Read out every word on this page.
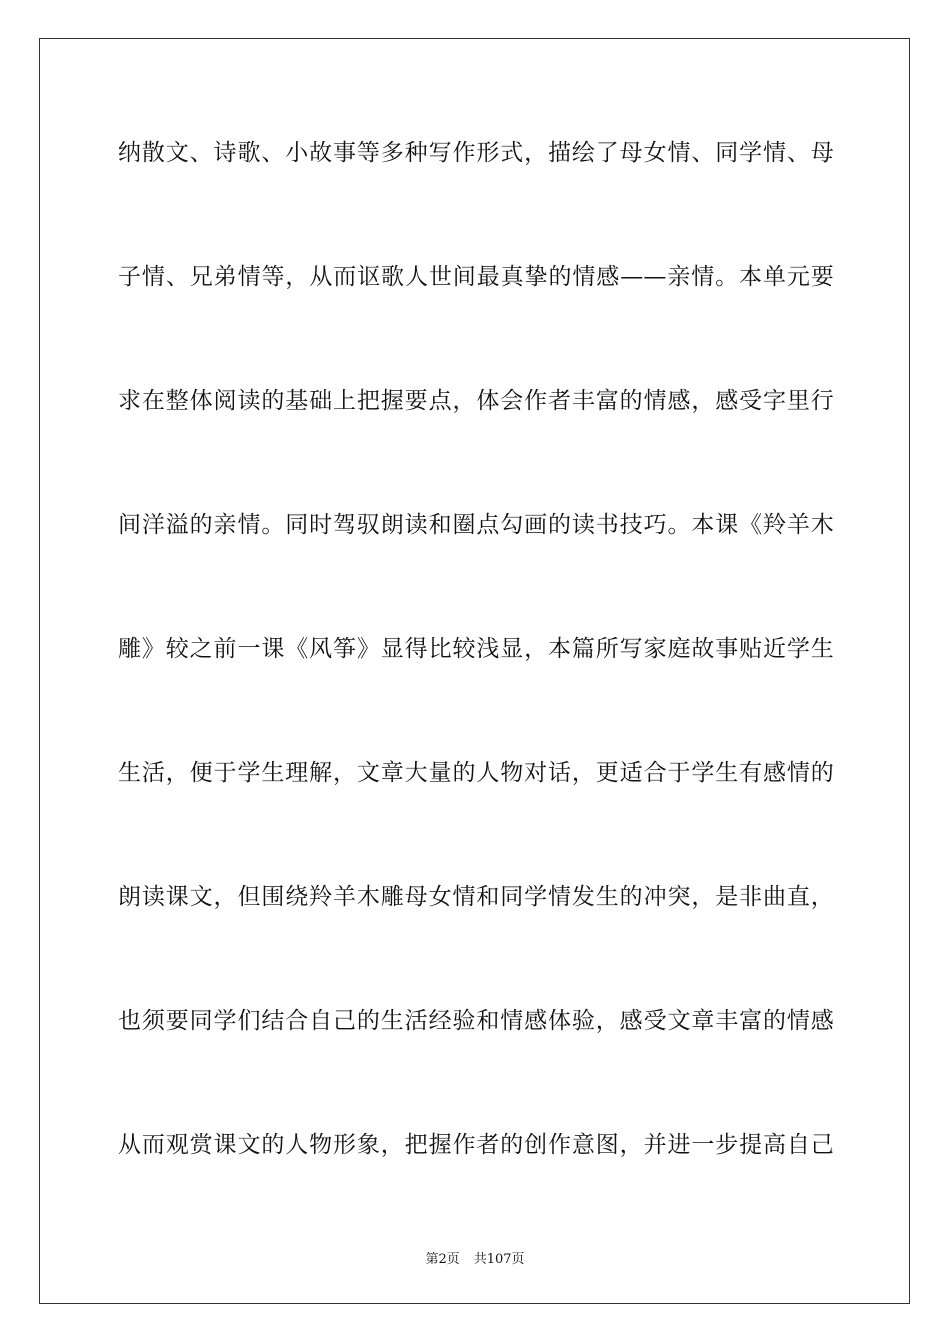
纳散文、诗歌、小故事等多种写作形式，描绘了母女情、同学情、母
子情、兄弟情等，从而讴歌人世间最真挚的情感——亲情。本单元要
求在整体阅读的基础上把握要点，体会作者丰富的情感，感受字里行
间洋溢的亲情。同时驾驭朗读和圈点勾画的读书技巧。本课《羚羊木
雕》较之前一课《风筝》显得比较浅显，本篇所写家庭故事贴近学生
生活，便于学生理解，文章大量的人物对话，更适合于学生有感情的
朗读课文，但围绕羚羊木雕母女情和同学情发生的冲突，是非曲直，
也须要同学们结合自己的生活经验和情感体验，感受文章丰富的情感
从而观赏课文的人物形象，把握作者的创作意图，并进一步提高自己
第2页 共107页
